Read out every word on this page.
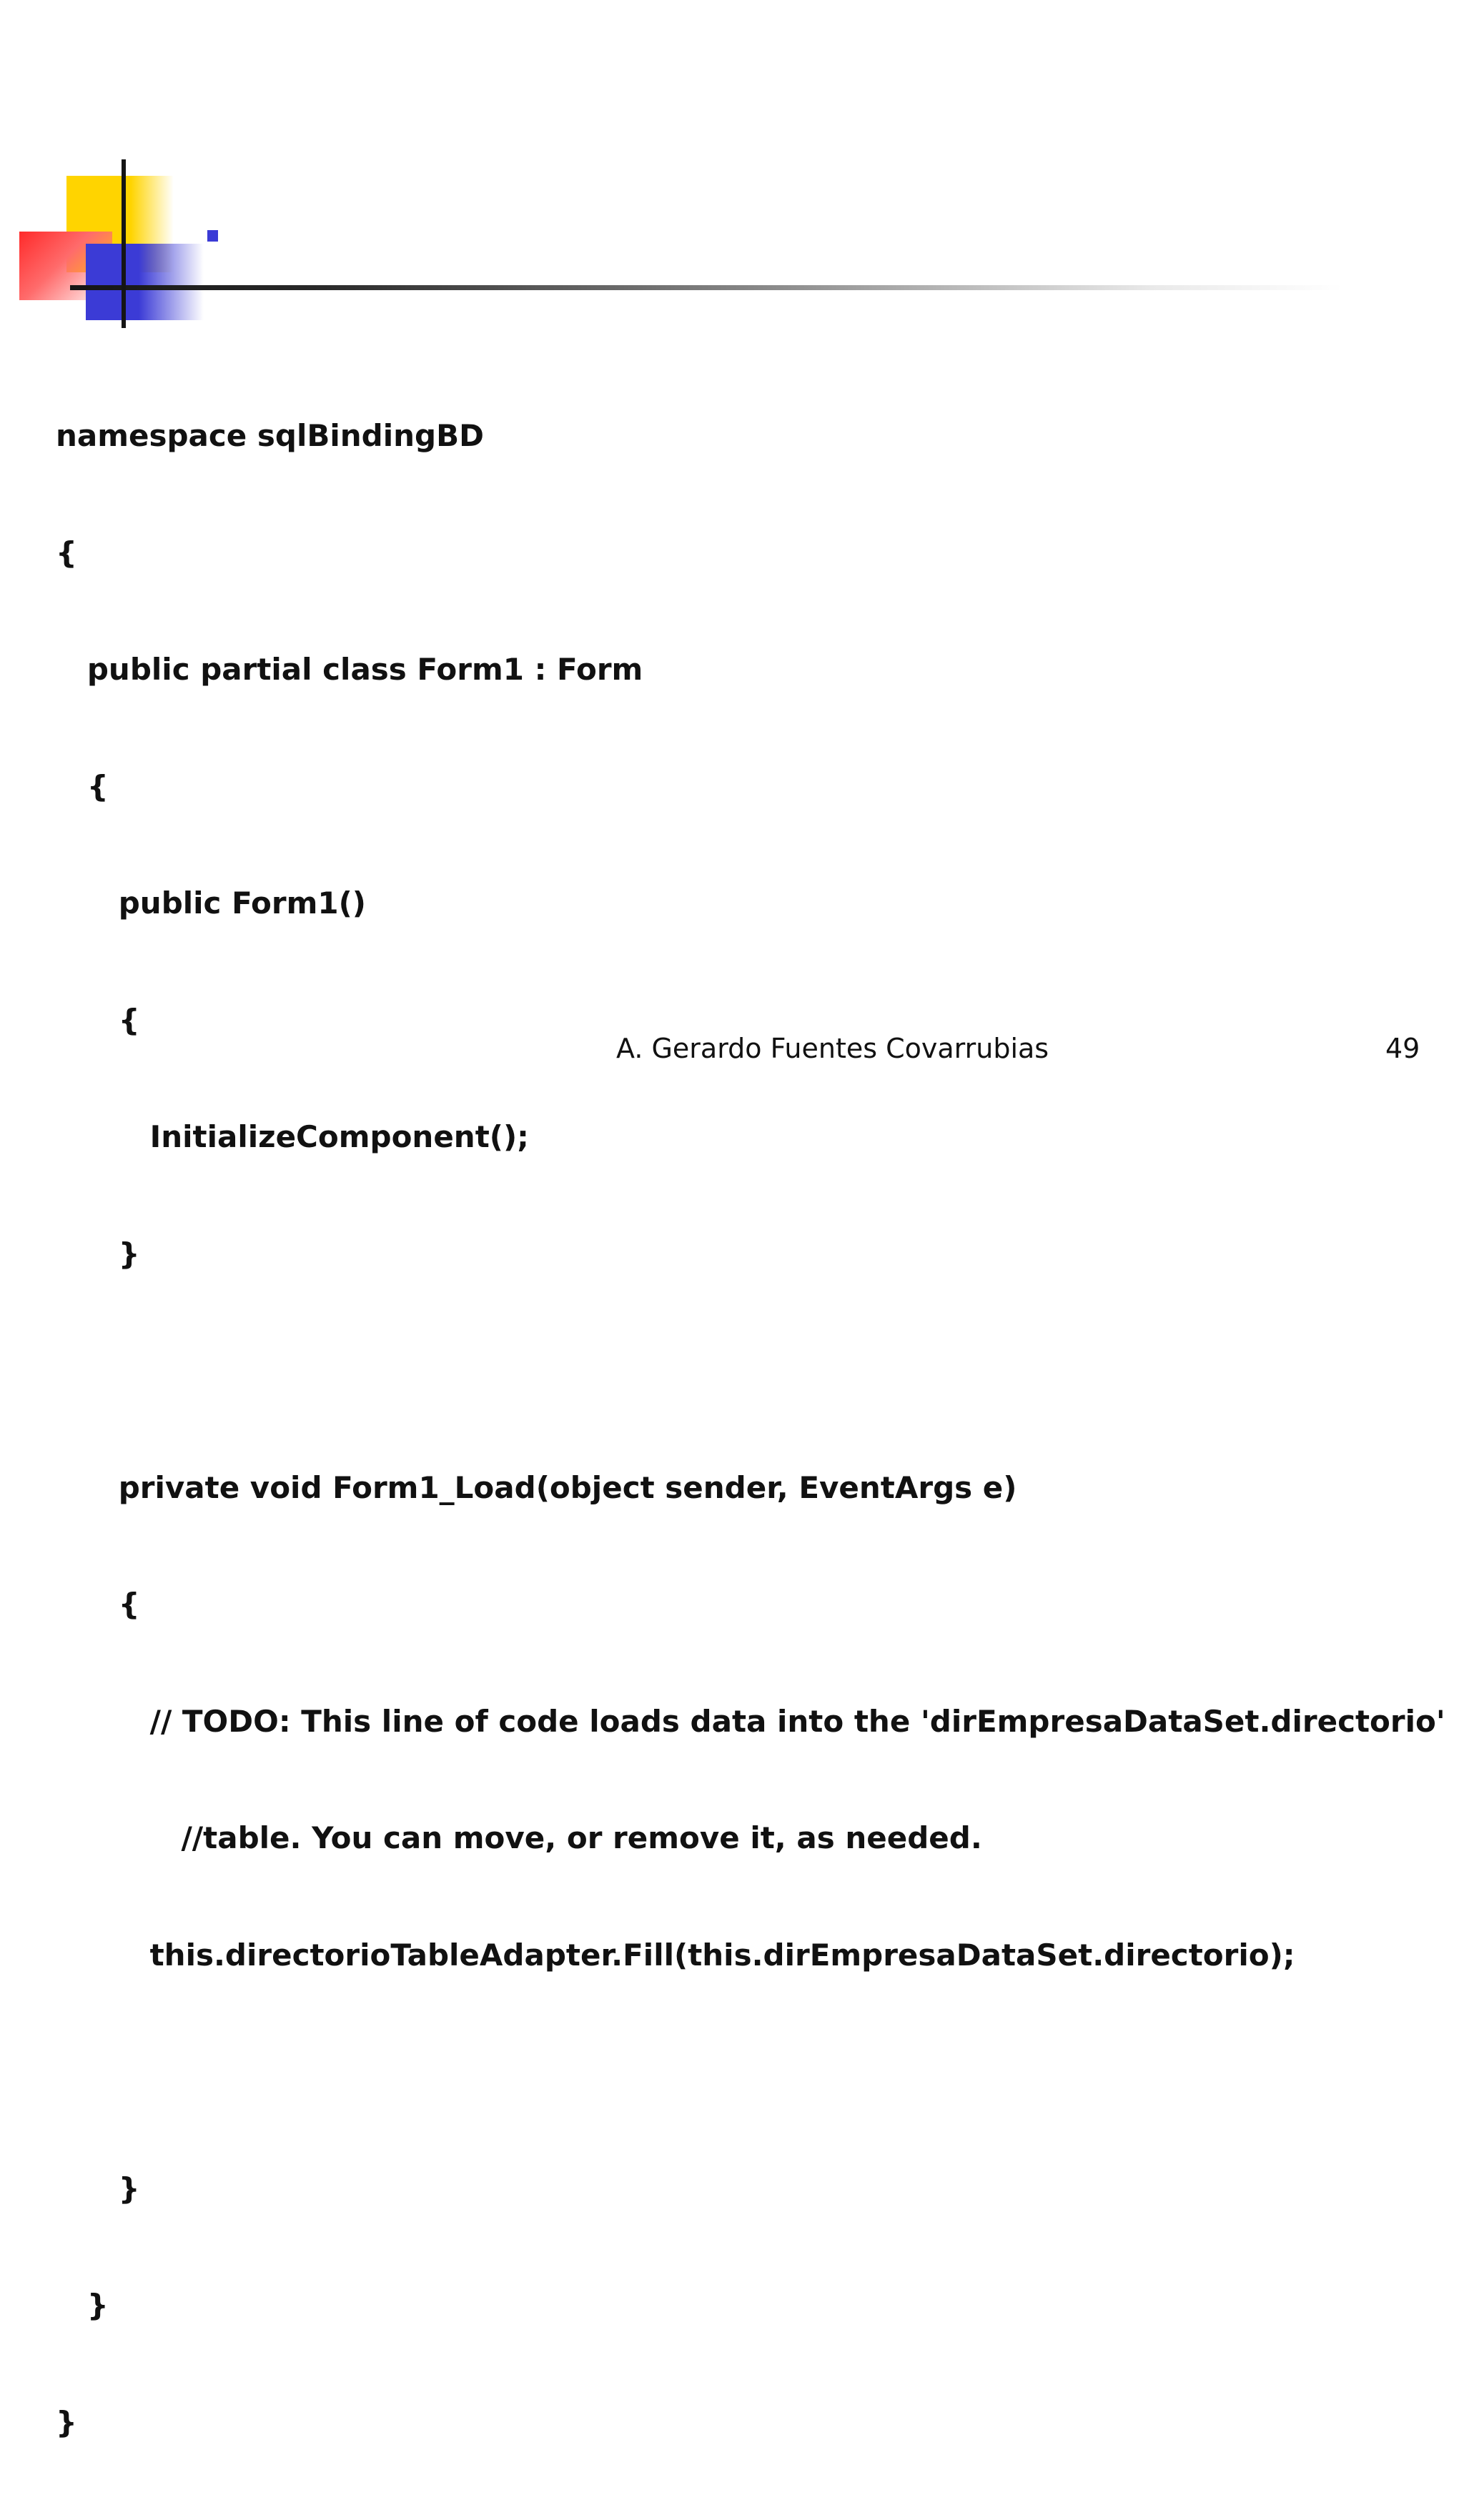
namespace sqlBindingBD

{

public partial class Form1 : Form

{

public Form1()

{

InitializeComponent();

}

private void Form1_Load(object sender, EventArgs e)

{

// TODO: This line of code loads data into the 'dirEmpresaDataSet.directorio'

//table. You can move, or remove it, as needed.

this.directorioTableAdapter.Fill(this.dirEmpresaDataSet.directorio);

}

}

}

A. Gerardo Fuentes Covarrubias	49
